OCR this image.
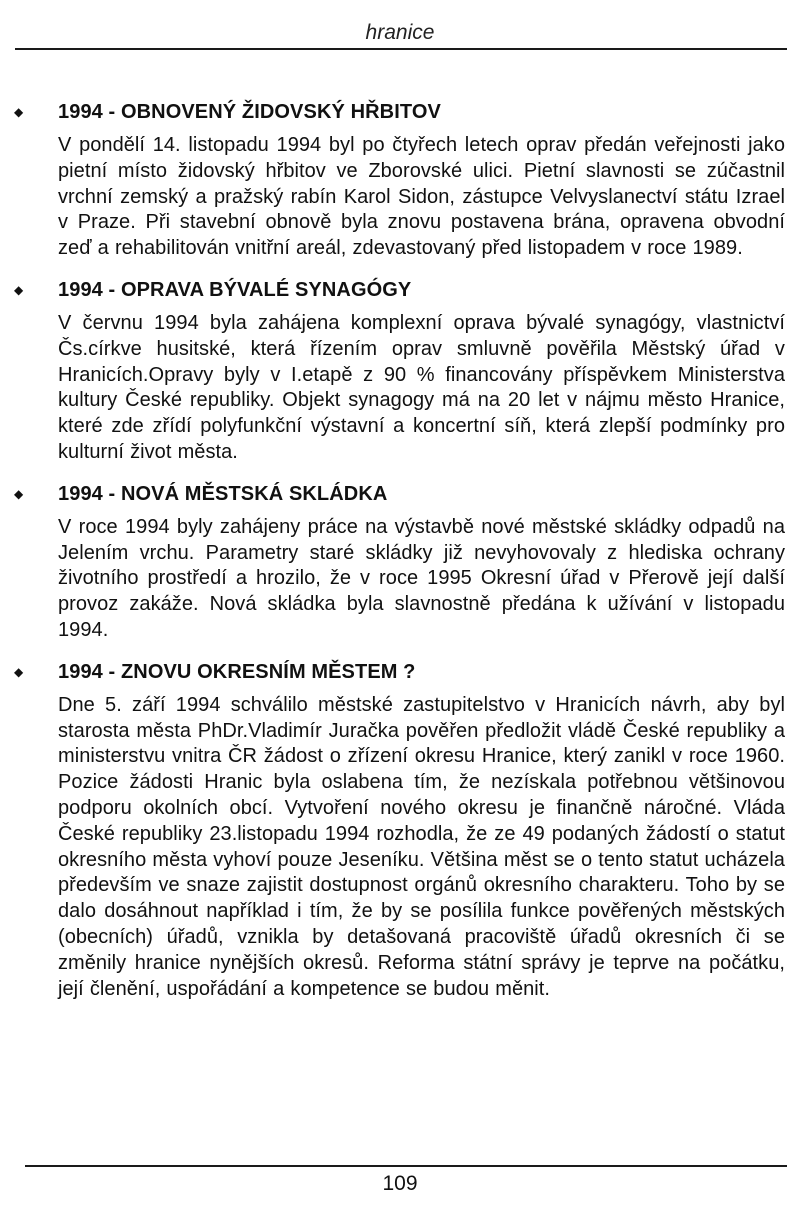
hranice
◆ 1994 - OBNOVENÝ ŽIDOVSKÝ HŘBITOV

V pondělí 14. listopadu 1994 byl po čtyřech letech oprav předán veřejnosti jako pietní místo židovský hřbitov ve Zborovské ulici. Pietní slavnosti se zúčastnil vrchní zemský a pražský rabín Karol Sidon, zástupce Velvyslanectví státu Izrael v Praze. Při stavební obnově byla znovu postavena brána, opravena obvodní zeď a rehabilitován vnitřní areál, zdevastovaný před listopadem v roce 1989.

◆ 1994 - OPRAVA BÝVALÉ SYNAGÓGY

V červnu 1994 byla zahájena komplexní oprava bývalé synagógy, vlastnictví Čs.církve husitské, která řízením oprav smluvně pověřila Městský úřad v Hranicích.Opravy byly v I.etapě z 90 % financovány příspěvkem Ministerstva kultury České republiky. Objekt synagogy má na 20 let v nájmu město Hranice, které zde zřídí polyfunkční výstavní a koncertní síň, která zlepší podmínky pro kulturní život města.

◆ 1994 - NOVÁ MĚSTSKÁ SKLÁDKA

V roce 1994 byly zahájeny práce na výstavbě nové městské skládky odpadů na Jelením vrchu. Parametry staré skládky již nevyhovovaly z hlediska ochrany životního prostředí a hrozilo, že v roce 1995 Okresní úřad v Přerově její další provoz zakáže. Nová skládka byla slavnostně předána k užívání v listopadu 1994.

◆ 1994 - ZNOVU OKRESNÍM MĚSTEM ?

Dne 5. září 1994 schválilo městské zastupitelstvo v Hranicích návrh, aby byl starosta města PhDr.Vladimír Juračka pověřen předložit vládě České republiky a ministerstvu vnitra ČR žádost o zřízení okresu Hranice, který zanikl v roce 1960. Pozice žádosti Hranic byla oslabena tím, že nezískala potřebnou většinovou podporu okolních obcí. Vytvoření nového okresu je finančně náročné. Vláda České republiky 23.listopadu 1994 rozhodla, že ze 49 podaných žádostí o statut okresního města vyhoví pouze Jeseníku. Většina měst se o tento statut ucházela především ve snaze zajistit dostupnost orgánů okresního charakteru. Toho by se dalo dosáhnout například i tím, že by se posílila funkce pověřených městských (obecních) úřadů, vznikla by detašovaná pracoviště úřadů okresních či se změnily hranice nynějších okresů. Reforma státní správy je teprve na počátku, její členění, uspořádání a kompetence se budou měnit.

109
